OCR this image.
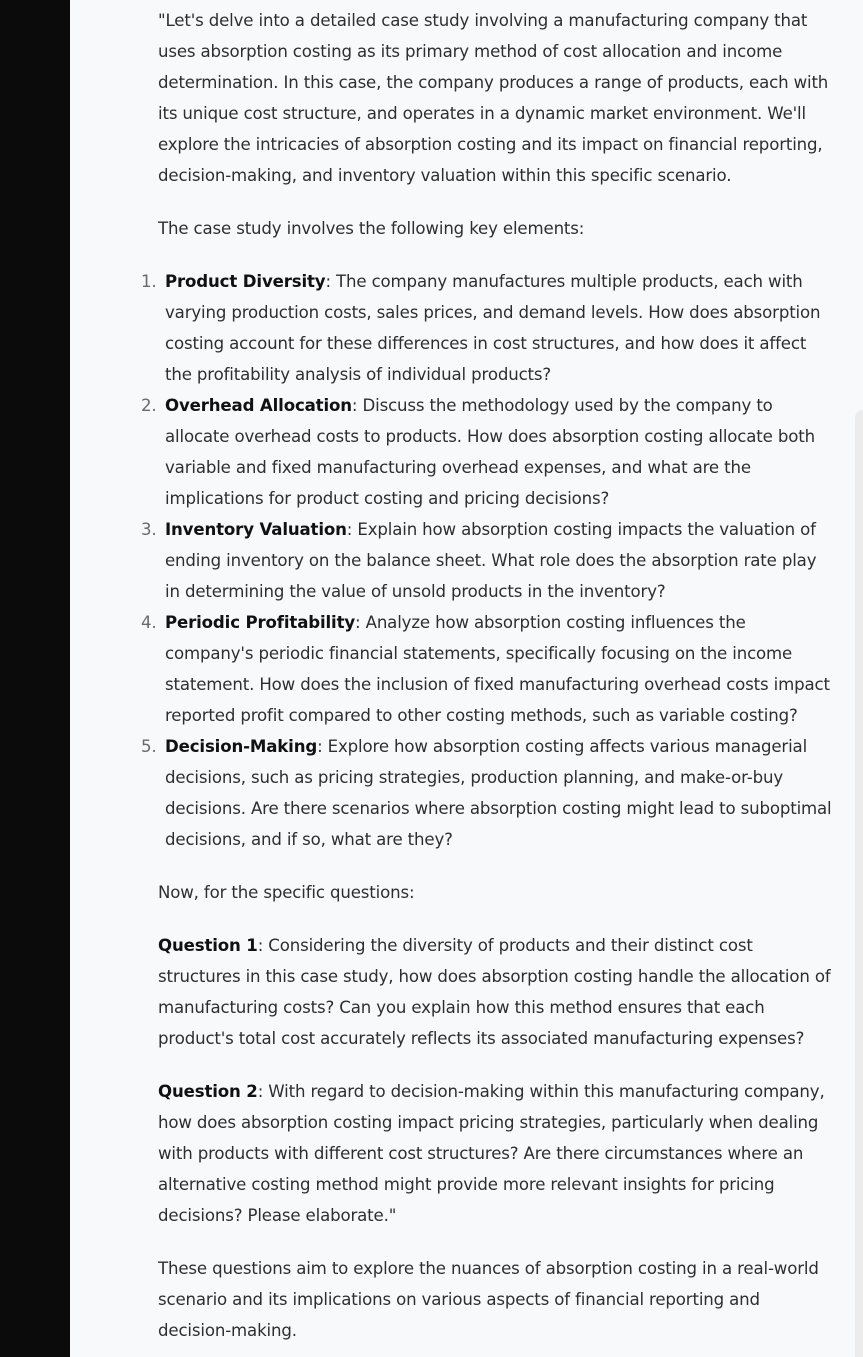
"Let's delve into a detailed case study involving a manufacturing company that uses absorption costing as its primary method of cost allocation and income determination. In this case, the company produces a range of products, each with its unique cost structure, and operates in a dynamic market environment. We'll explore the intricacies of absorption costing and its impact on financial reporting, decision-making, and inventory valuation within this specific scenario.

The case study involves the following key elements:

1. Product Diversity: The company manufactures multiple products, each with varying production costs, sales prices, and demand levels. How does absorption costing account for these differences in cost structures, and how does it affect the profitability analysis of individual products?
2. Overhead Allocation: Discuss the methodology used by the company to allocate overhead costs to products. How does absorption costing allocate both variable and fixed manufacturing overhead expenses, and what are the implications for product costing and pricing decisions?
3. Inventory Valuation: Explain how absorption costing impacts the valuation of ending inventory on the balance sheet. What role does the absorption rate play in determining the value of unsold products in the inventory?
4. Periodic Profitability: Analyze how absorption costing influences the company's periodic financial statements, specifically focusing on the income statement. How does the inclusion of fixed manufacturing overhead costs impact reported profit compared to other costing methods, such as variable costing?
5. Decision-Making: Explore how absorption costing affects various managerial decisions, such as pricing strategies, production planning, and make-or-buy decisions. Are there scenarios where absorption costing might lead to suboptimal decisions, and if so, what are they?

Now, for the specific questions:

Question 1: Considering the diversity of products and their distinct cost structures in this case study, how does absorption costing handle the allocation of manufacturing costs? Can you explain how this method ensures that each product's total cost accurately reflects its associated manufacturing expenses?

Question 2: With regard to decision-making within this manufacturing company, how does absorption costing impact pricing strategies, particularly when dealing with products with different cost structures? Are there circumstances where an alternative costing method might provide more relevant insights for pricing decisions? Please elaborate."

These questions aim to explore the nuances of absorption costing in a real-world scenario and its implications on various aspects of financial reporting and decision-making.
